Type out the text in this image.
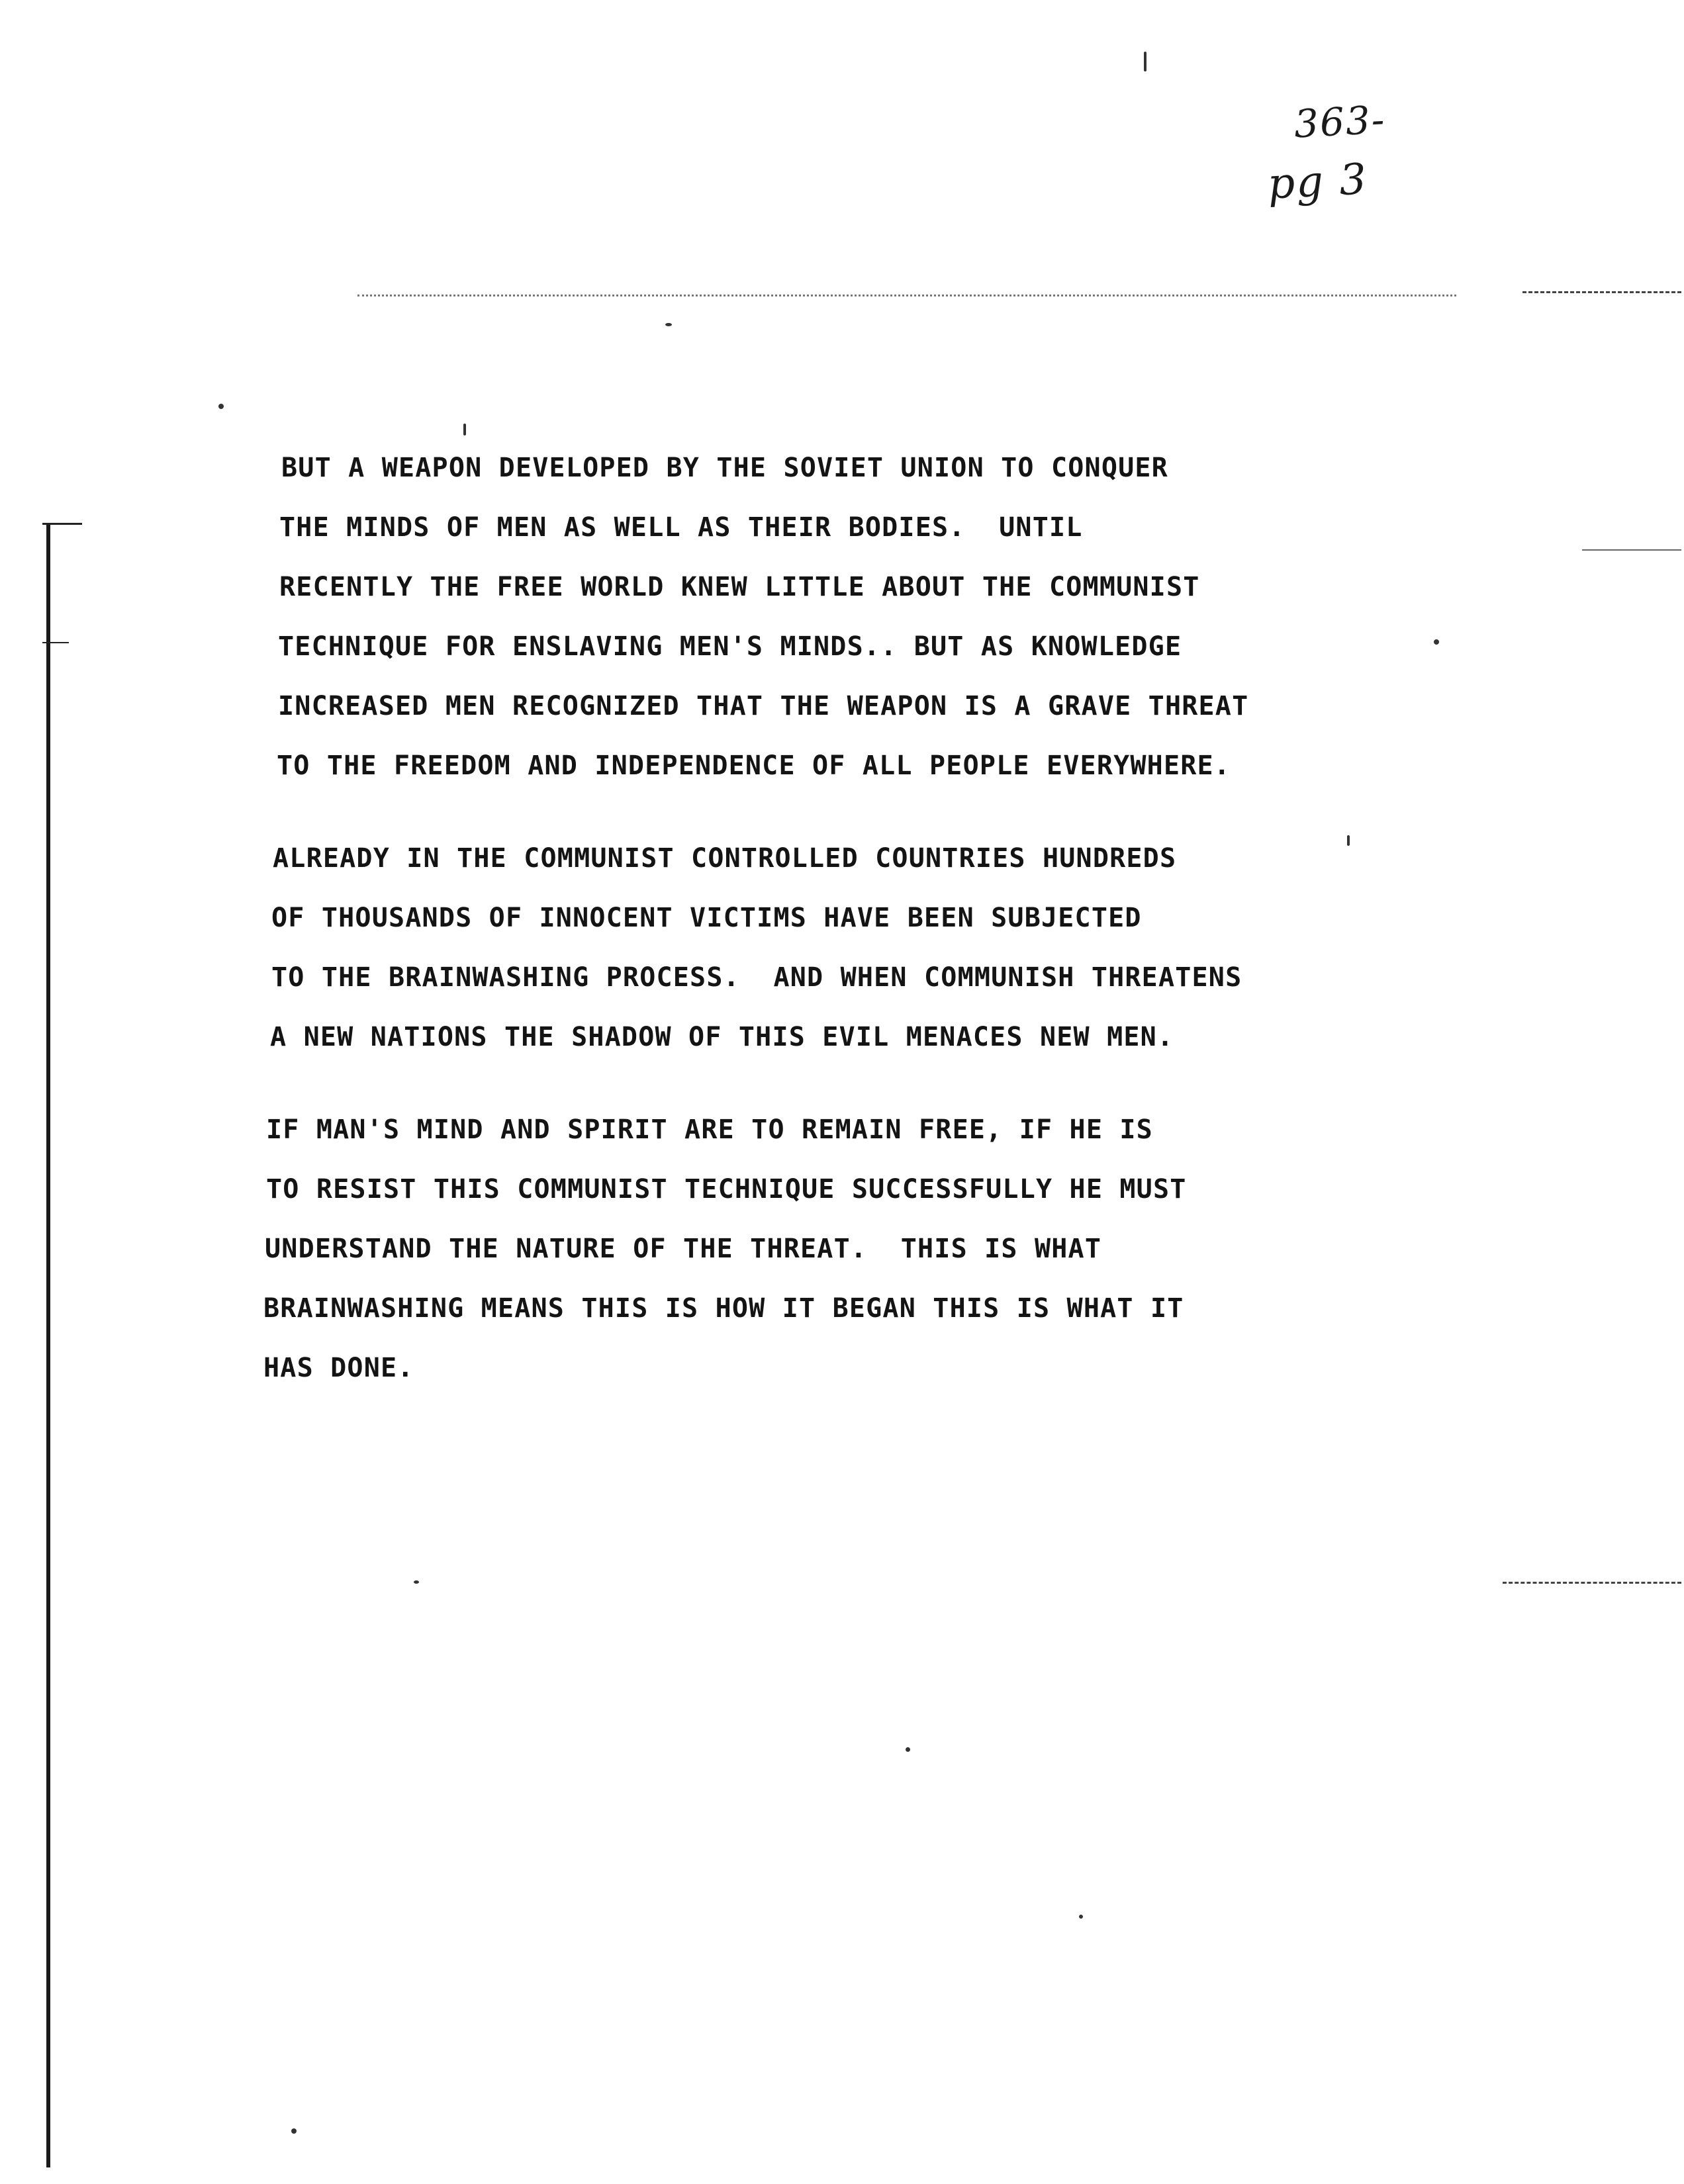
363-
pg 3
BUT A WEAPON DEVELOPED BY THE SOVIET UNION TO CONQUER
THE MINDS OF MEN AS WELL AS THEIR BODIES.  UNTIL
RECENTLY THE FREE WORLD KNEW LITTLE ABOUT THE COMMUNIST
TECHNIQUE FOR ENSLAVING MEN'S MINDS.. BUT AS KNOWLEDGE
INCREASED MEN RECOGNIZED THAT THE WEAPON IS A GRAVE THREAT
TO THE FREEDOM AND INDEPENDENCE OF ALL PEOPLE EVERYWHERE.
ALREADY IN THE COMMUNIST CONTROLLED COUNTRIES HUNDREDS
OF THOUSANDS OF INNOCENT VICTIMS HAVE BEEN SUBJECTED
TO THE BRAINWASHING PROCESS.  AND WHEN COMMUNISH THREATENS
A NEW NATIONS THE SHADOW OF THIS EVIL MENACES NEW MEN.
IF MAN'S MIND AND SPIRIT ARE TO REMAIN FREE, IF HE IS
TO RESIST THIS COMMUNIST TECHNIQUE SUCCESSFULLY HE MUST
UNDERSTAND THE NATURE OF THE THREAT.  THIS IS WHAT
BRAINWASHING MEANS THIS IS HOW IT BEGAN THIS IS WHAT IT
HAS DONE.
